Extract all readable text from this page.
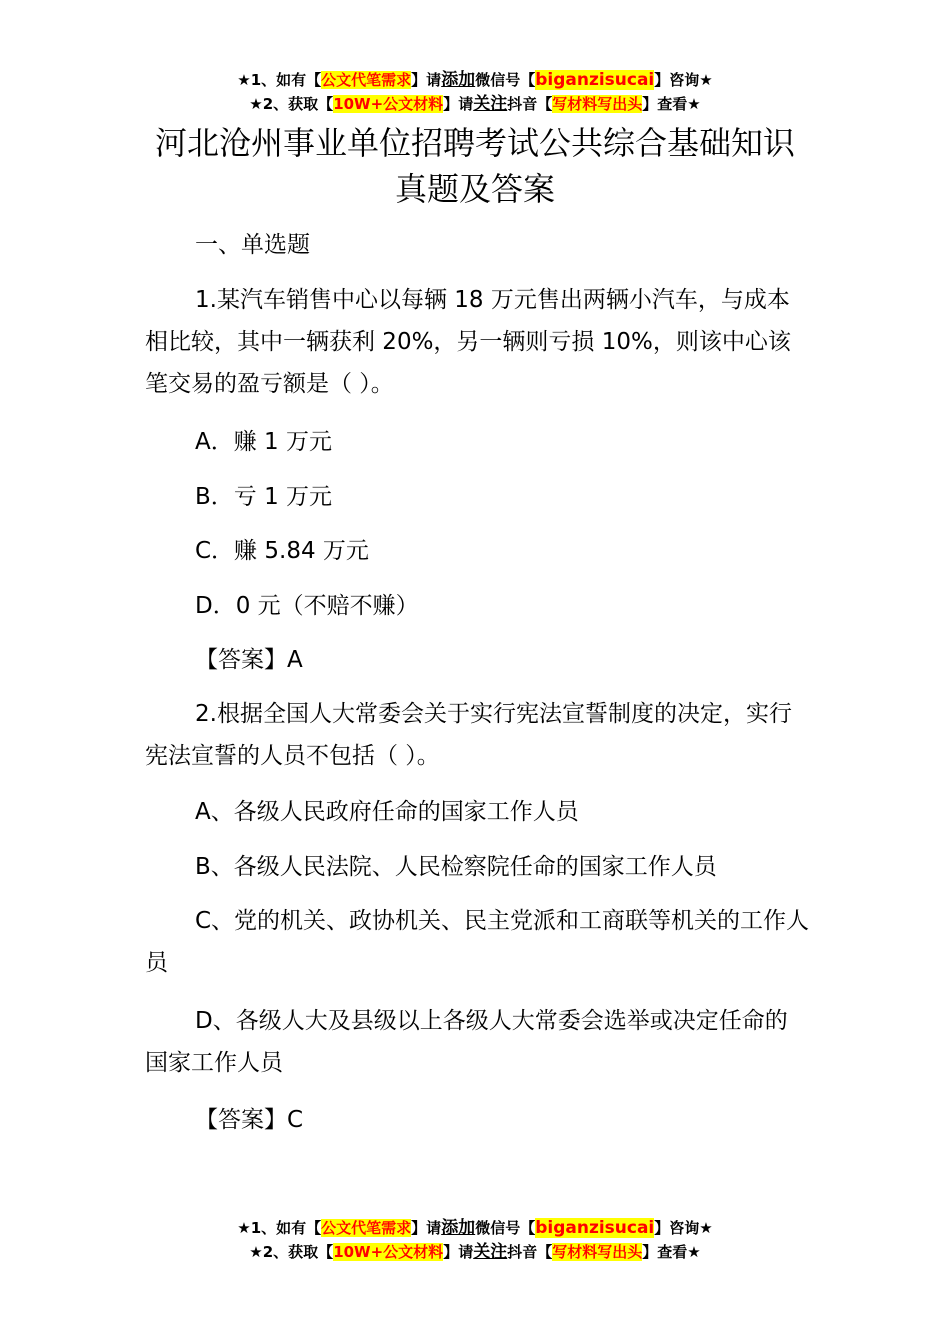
★1、如有【公文代笔需求】请添加微信号【biganzisucai】咨询★
★2、获取【10W+公文材料】请关注抖音【写材料写出头】查看★
河北沧州事业单位招聘考试公共综合基础知识真题及答案
一、单选题
1.某汽车销售中心以每辆 18 万元售出两辆小汽车，与成本相比较，其中一辆获利 20%，另一辆则亏损 10%，则该中心该笔交易的盈亏额是（ ）。
A．赚 1 万元
B．亏 1 万元
C．赚 5.84 万元
D．0 元（不赔不赚）
【答案】A
2.根据全国人大常委会关于实行宪法宣誓制度的决定，实行宪法宣誓的人员不包括（ ）。
A、各级人民政府任命的国家工作人员
B、各级人民法院、人民检察院任命的国家工作人员
C、党的机关、政协机关、民主党派和工商联等机关的工作人员
D、各级人大及县级以上各级人大常委会选举或决定任命的国家工作人员
【答案】C
★1、如有【公文代笔需求】请添加微信号【biganzisucai】咨询★
★2、获取【10W+公文材料】请关注抖音【写材料写出头】查看★
